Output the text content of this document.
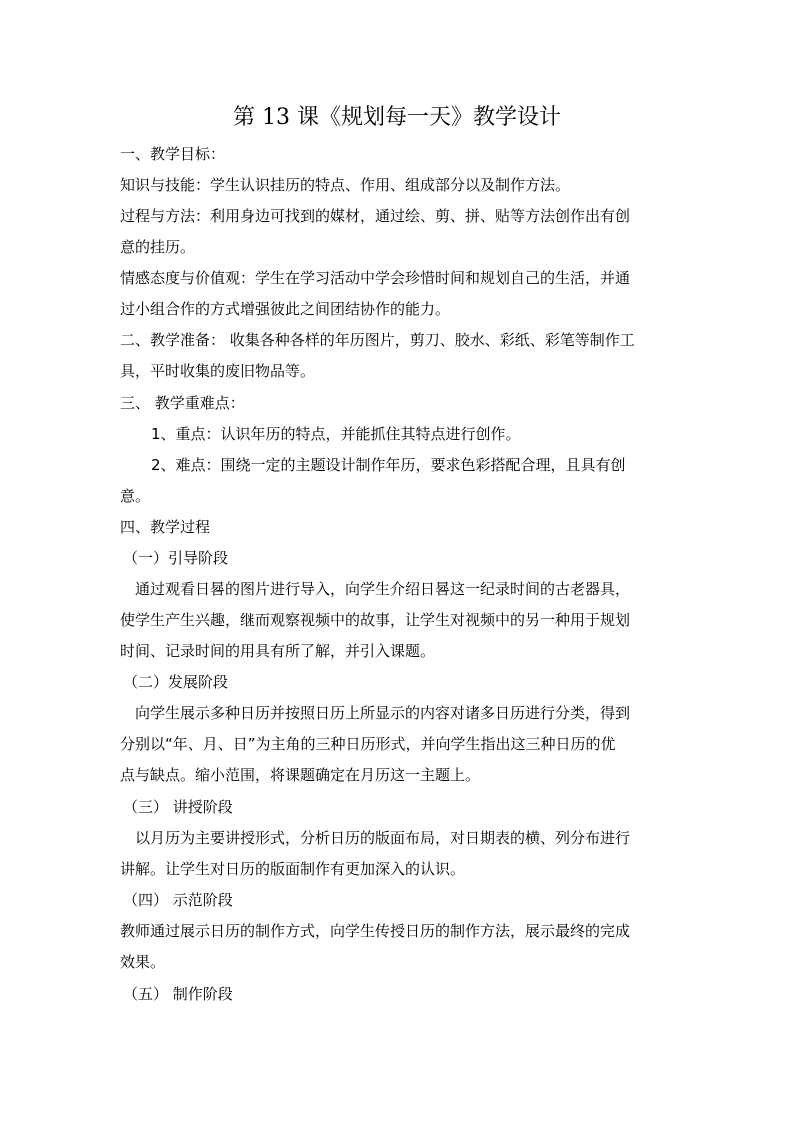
第 13 课《规划每一天》教学设计
一、教学目标：
知识与技能：学生认识挂历的特点、作用、组成部分以及制作方法。
过程与方法：利用身边可找到的媒材，通过绘、剪、拼、贴等方法创作出有创
意的挂历。
情感态度与价值观：学生在学习活动中学会珍惜时间和规划自己的生活，并通
过小组合作的方式增强彼此之间团结协作的能力。
二、教学准备： 收集各种各样的年历图片，剪刀、胶水、彩纸、彩笔等制作工
具，平时收集的废旧物品等。
三、 教学重难点：
1、重点：认识年历的特点，并能抓住其特点进行创作。
2、难点：围绕一定的主题设计制作年历，要求色彩搭配合理，且具有创
意。
四、教学过程
（一）引导阶段
通过观看日晷的图片进行导入，向学生介绍日晷这一纪录时间的古老器具，
使学生产生兴趣，继而观察视频中的故事，让学生对视频中的另一种用于规划
时间、记录时间的用具有所了解，并引入课题。
（二）发展阶段
向学生展示多种日历并按照日历上所显示的内容对诸多日历进行分类，得到
分别以“年、月、日”为主角的三种日历形式，并向学生指出这三种日历的优
点与缺点。缩小范围，将课题确定在月历这一主题上。
（三） 讲授阶段
以月历为主要讲授形式，分析日历的版面布局，对日期表的横、列分布进行
讲解。让学生对日历的版面制作有更加深入的认识。
（四） 示范阶段
教师通过展示日历的制作方式，向学生传授日历的制作方法，展示最终的完成
效果。
（五） 制作阶段
